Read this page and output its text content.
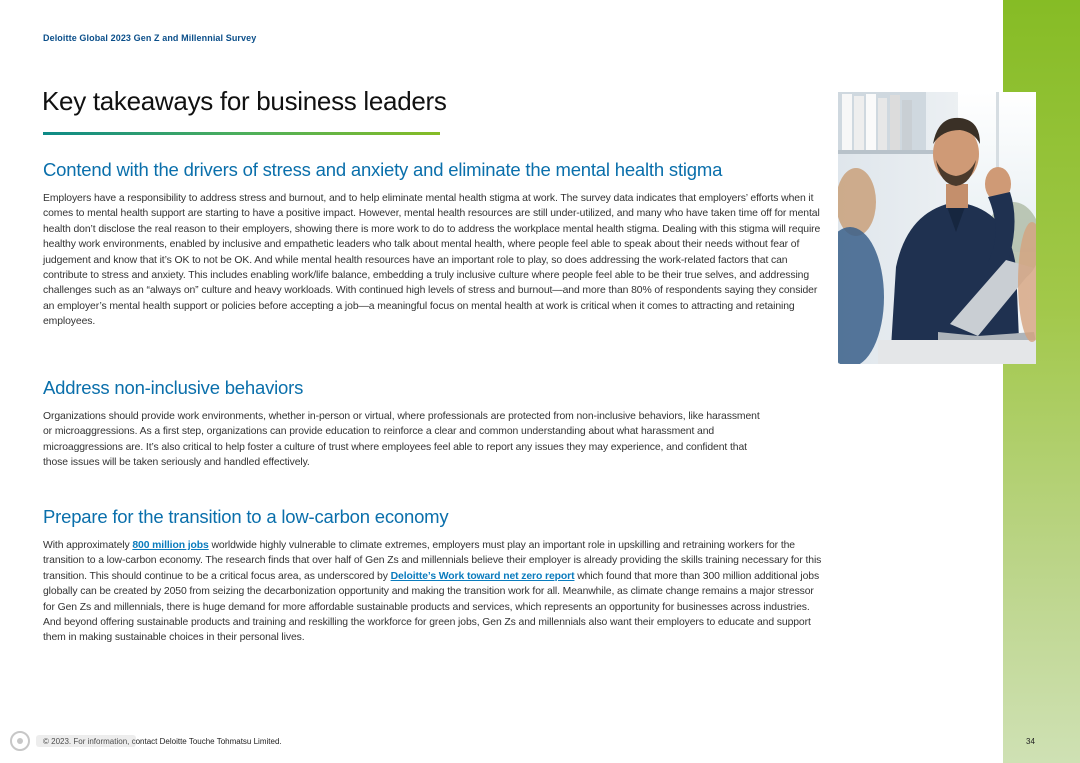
Deloitte Global 2023 Gen Z and Millennial Survey
Key takeaways for business leaders
Contend with the drivers of stress and anxiety and eliminate the mental health stigma

Employers have a responsibility to address stress and burnout, and to help eliminate mental health stigma at work. The survey data indicates that employers’ efforts when it comes to mental health support are starting to have a positive impact. However, mental health resources are still under-utilized, and many who have taken time off for mental health don’t disclose the real reason to their employers, showing there is more work to do to address the workplace mental health stigma. Dealing with this stigma will require healthy work environments, enabled by inclusive and empathetic leaders who talk about mental health, where people feel able to speak about their needs without fear of judgement and know that it’s OK to not be OK. And while mental health resources have an important role to play, so does addressing the work-related factors that can contribute to stress and anxiety. This includes enabling work/life balance, embedding a truly inclusive culture where people feel able to be their true selves, and addressing challenges such as an “always on” culture and heavy workloads. With continued high levels of stress and burnout—and more than 80% of respondents saying they consider an employer’s mental health support or policies before accepting a job—a meaningful focus on mental health at work is critical when it comes to attracting and retaining employees.

Address non-inclusive behaviors

Organizations should provide work environments, whether in-person or virtual, where professionals are protected from non-inclusive behaviors, like harassment or microaggressions. As a first step, organizations can provide education to reinforce a clear and common understanding about what harassment and microaggressions are. It’s also critical to help foster a culture of trust where employees feel able to report any issues they may experience, and confident that those issues will be taken seriously and handled effectively.

Prepare for the transition to a low-carbon economy

With approximately 800 million jobs worldwide highly vulnerable to climate extremes, employers must play an important role in upskilling and retraining workers for the transition to a low-carbon economy. The research finds that over half of Gen Zs and millennials believe their employer is already providing the skills training necessary for this transition. This should continue to be a critical focus area, as underscored by Deloitte’s Work toward net zero report which found that more than 300 million additional jobs globally can be created by 2050 from seizing the decarbonization opportunity and making the transition work for all. Meanwhile, as climate change remains a major stressor for Gen Zs and millennials, there is huge demand for more affordable sustainable products and services, which represents an opportunity for businesses across industries. And beyond offering sustainable products and training and reskilling the workforce for green jobs, Gen Zs and millennials also want their employers to educate and support them in making sustainable choices in their personal lives.

© 2023. For information, contact Deloitte Touche Tohmatsu Limited.	34
